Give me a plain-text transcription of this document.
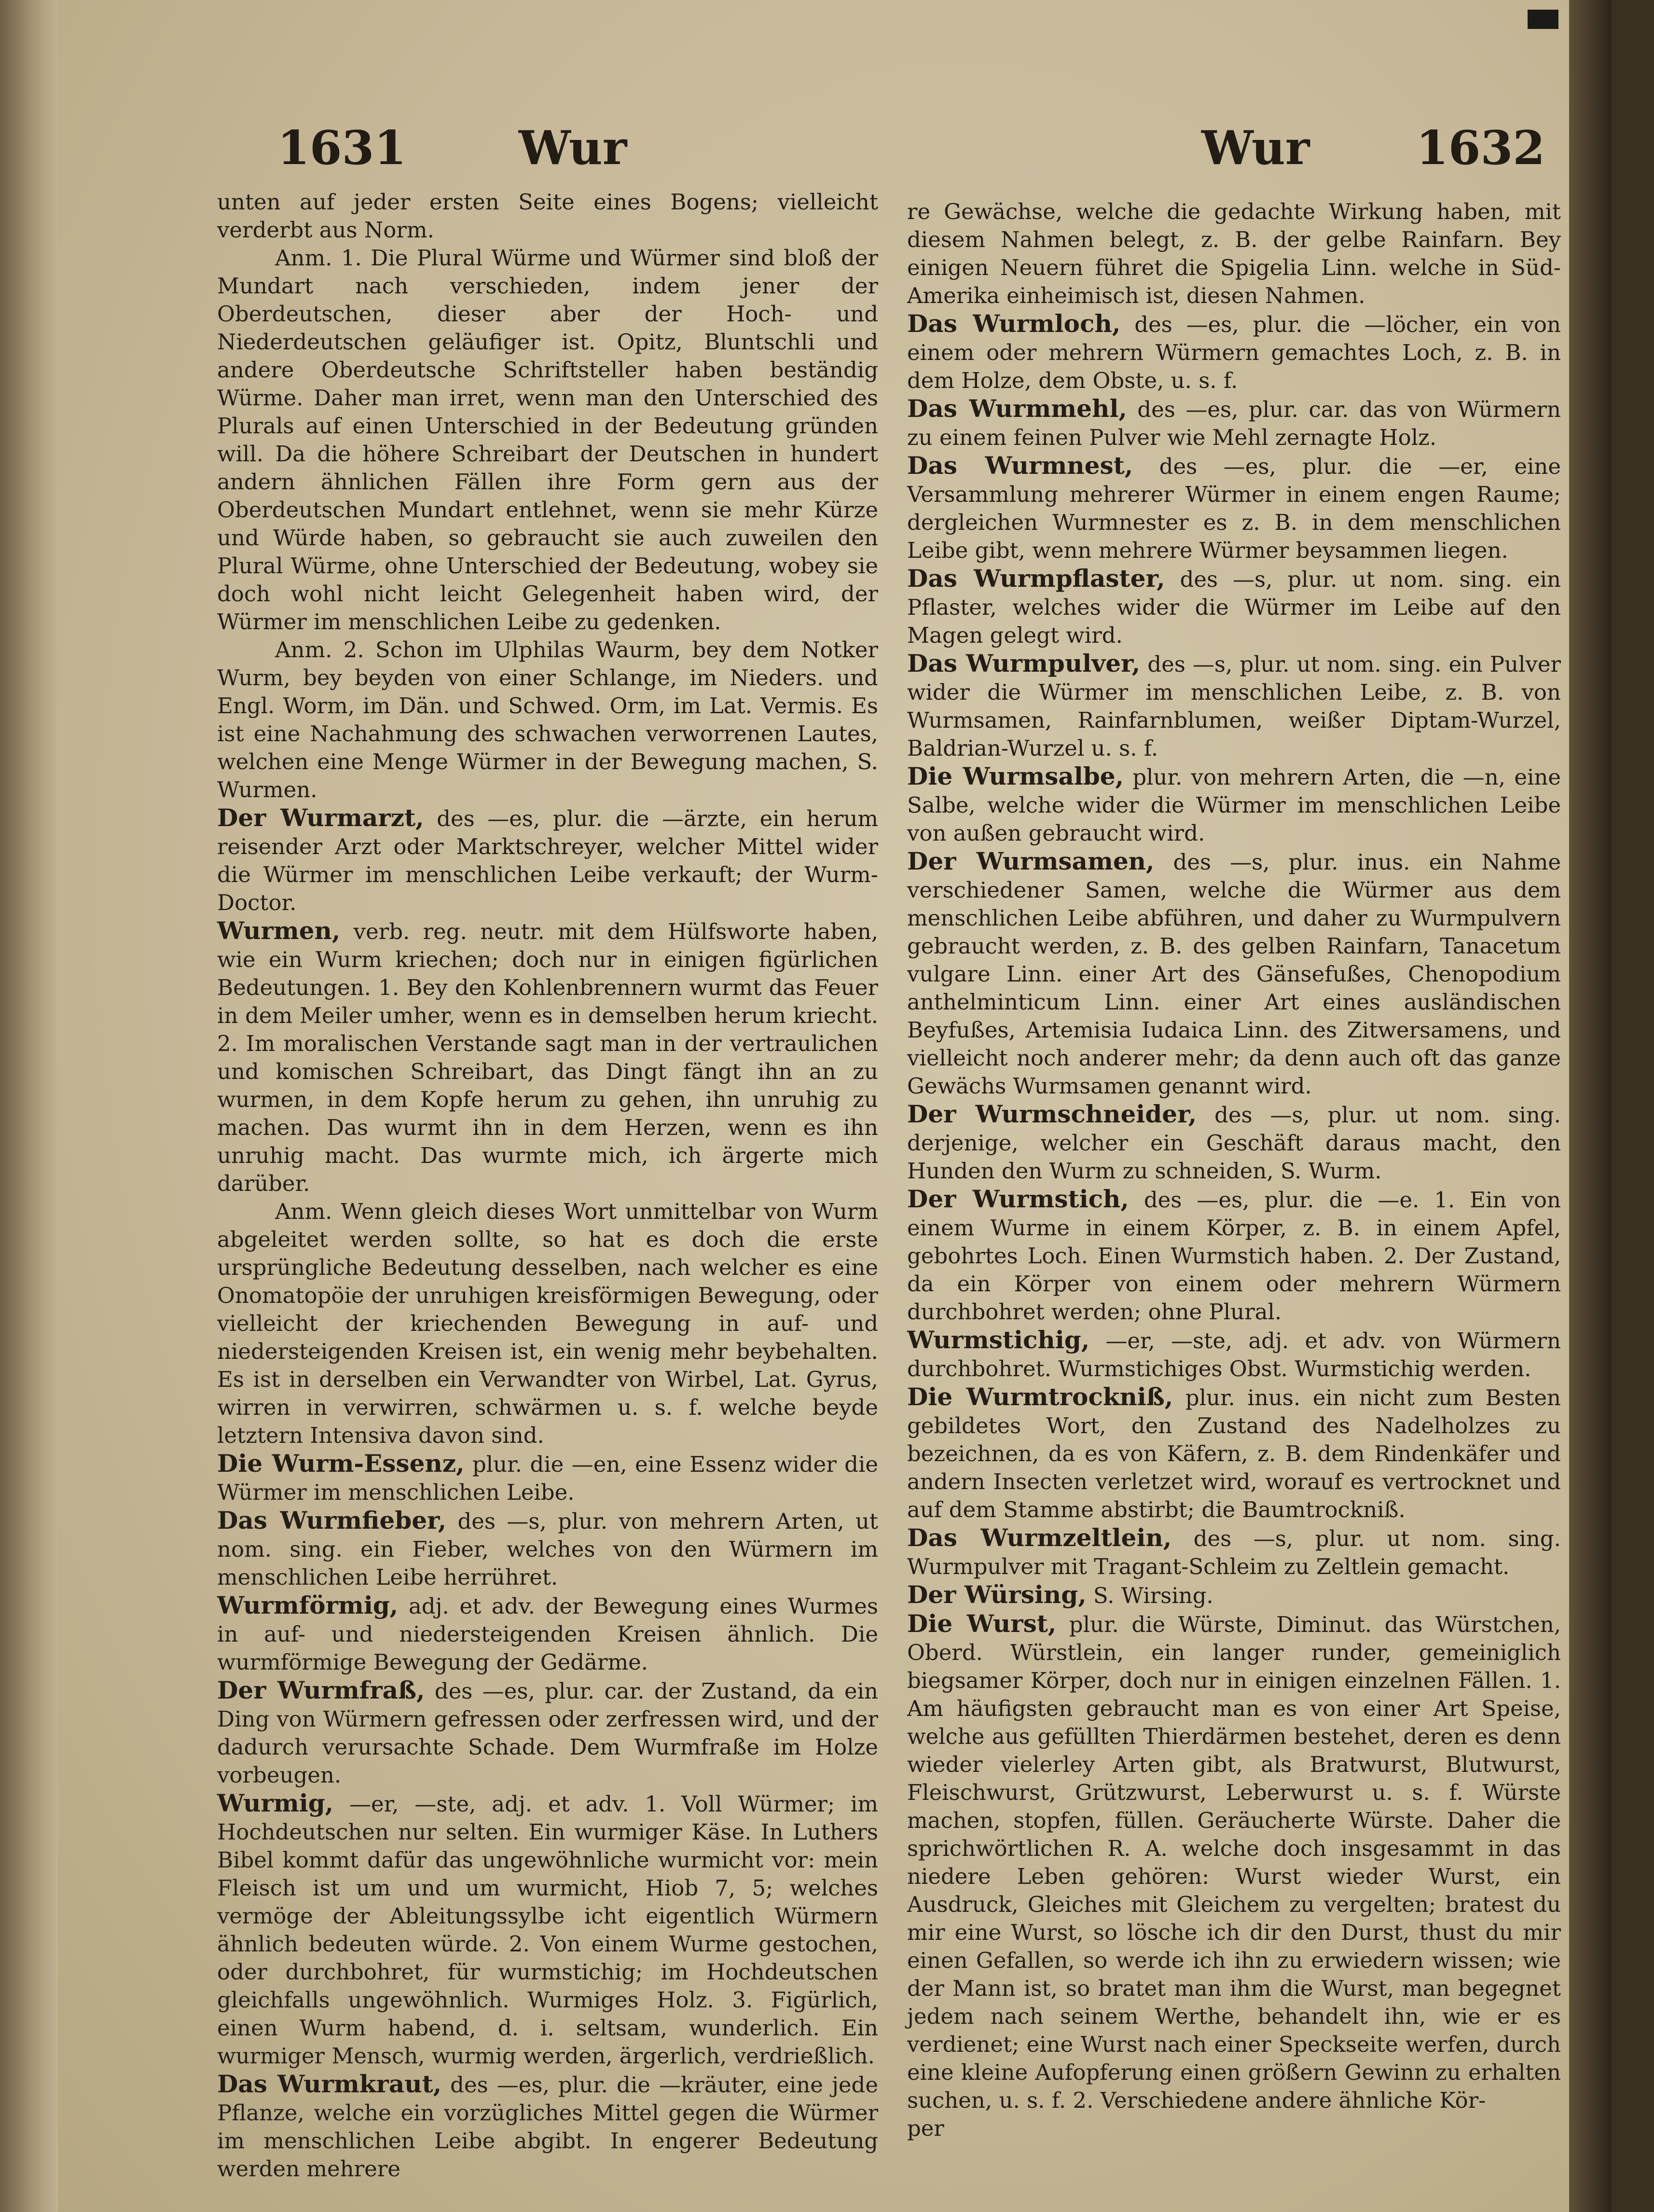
1631 Wur	Wur 1632

unten auf jeder ersten Seite eines Bogens; vielleicht verderbt aus Norm.

Anm. 1. Die Plural Würme und Würmer sind bloß der Mundart nach verschieden, indem jener der Oberdeutschen, dieser aber der Hoch- und Niederdeutschen geläufiger ist. Opitz, Bluntschli und andere Oberdeutsche Schriftsteller haben beständig Würme. Daher man irret, wenn man den Unterschied des Plurals auf einen Unterschied in der Bedeutung gründen will. Da die höhere Schreibart der Deutschen in hundert andern ähnlichen Fällen ihre Form gern aus der Oberdeutschen Mundart entlehnet, wenn sie mehr Kürze und Würde haben, so gebraucht sie auch zuweilen den Plural Würme, ohne Unterschied der Bedeutung, wobey sie doch wohl nicht leicht Gelegenheit haben wird, der Würmer im menschlichen Leibe zu gedenken.

Anm. 2. Schon im Ulphilas Waurm, bey dem Notker Wurm, bey beyden von einer Schlange, im Nieders. und Engl. Worm, im Dän. und Schwed. Orm, im Lat. Vermis. Es ist eine Nachahmung des schwachen verworrenen Lautes, welchen eine Menge Würmer in der Bewegung machen, S. Wurmen.

Der Wurmarzt, des —es, plur. die —ärzte, ein herum reisender Arzt oder Marktschreyer, welcher Mittel wider die Würmer im menschlichen Leibe verkauft; der Wurm-Doctor.

Wurmen, verb. reg. neutr. mit dem Hülfsworte haben, wie ein Wurm kriechen; doch nur in einigen figürlichen Bedeutungen. 1. Bey den Kohlenbrennern wurmt das Feuer in dem Meiler umher, wenn es in demselben herum kriecht. 2. Im moralischen Verstande sagt man in der vertraulichen und komischen Schreibart, das Dingt fängt ihn an zu wurmen, in dem Kopfe herum zu gehen, ihn unruhig zu machen. Das wurmt ihn in dem Herzen, wenn es ihn unruhig macht. Das wurmte mich, ich ärgerte mich darüber.

Anm. Wenn gleich dieses Wort unmittelbar von Wurm abgeleitet werden sollte, so hat es doch die erste ursprüngliche Bedeutung desselben, nach welcher es eine Onomatopöie der unruhigen kreisförmigen Bewegung, oder vielleicht der kriechenden Bewegung in auf- und niedersteigenden Kreisen ist, ein wenig mehr beybehalten. Es ist in derselben ein Verwandter von Wirbel, Lat. Gyrus, wirren in verwirren, schwärmen u. s. f. welche beyde letztern Intensiva davon sind.

Die Wurm-Essenz, plur. die —en, eine Essenz wider die Würmer im menschlichen Leibe.

Das Wurmfieber, des —s, plur. von mehrern Arten, ut nom. sing. ein Fieber, welches von den Würmern im menschlichen Leibe herrühret.

Wurmförmig, adj. et adv. der Bewegung eines Wurmes in auf- und niedersteigenden Kreisen ähnlich. Die wurmförmige Bewegung der Gedärme.

Der Wurmfraß, des —es, plur. car. der Zustand, da ein Ding von Würmern gefressen oder zerfressen wird, und der dadurch verursachte Schade. Dem Wurmfraße im Holze vorbeugen.

Wurmig, —er, —ste, adj. et adv. 1. Voll Würmer; im Hochdeutschen nur selten. Ein wurmiger Käse. In Luthers Bibel kommt dafür das ungewöhnliche wurmicht vor: mein Fleisch ist um und um wurmicht, Hiob 7, 5; welches vermöge der Ableitungssylbe icht eigentlich Würmern ähnlich bedeuten würde. 2. Von einem Wurme gestochen, oder durchbohret, für wurmstichig; im Hochdeutschen gleichfalls ungewöhnlich. Wurmiges Holz. 3. Figürlich, einen Wurm habend, d. i. seltsam, wunderlich. Ein wurmiger Mensch, wurmig werden, ärgerlich, verdrießlich.

Das Wurmkraut, des —es, plur. die —kräuter, eine jede Pflanze, welche ein vorzügliches Mittel gegen die Würmer im menschlichen Leibe abgibt. In engerer Bedeutung werden mehrere

re Gewächse, welche die gedachte Wirkung haben, mit diesem Nahmen belegt, z. B. der gelbe Rainfarn. Bey einigen Neuern führet die Spigelia Linn. welche in Süd-Amerika einheimisch ist, diesen Nahmen.

Das Wurmloch, des —es, plur. die —löcher, ein von einem oder mehrern Würmern gemachtes Loch, z. B. in dem Holze, dem Obste, u. s. f.

Das Wurmmehl, des —es, plur. car. das von Würmern zu einem feinen Pulver wie Mehl zernagte Holz.

Das Wurmnest, des —es, plur. die —er, eine Versammlung mehrerer Würmer in einem engen Raume; dergleichen Wurmnester es z. B. in dem menschlichen Leibe gibt, wenn mehrere Würmer beysammen liegen.

Das Wurmpflaster, des —s, plur. ut nom. sing. ein Pflaster, welches wider die Würmer im Leibe auf den Magen gelegt wird.

Das Wurmpulver, des —s, plur. ut nom. sing. ein Pulver wider die Würmer im menschlichen Leibe, z. B. von Wurmsamen, Rainfarnblumen, weißer Diptam-Wurzel, Baldrian-Wurzel u. s. f.

Die Wurmsalbe, plur. von mehrern Arten, die —n, eine Salbe, welche wider die Würmer im menschlichen Leibe von außen gebraucht wird.

Der Wurmsamen, des —s, plur. inus. ein Nahme verschiedener Samen, welche die Würmer aus dem menschlichen Leibe abführen, und daher zu Wurmpulvern gebraucht werden, z. B. des gelben Rainfarn, Tanacetum vulgare Linn. einer Art des Gänsefußes, Chenopodium anthelminticum Linn. einer Art eines ausländischen Beyfußes, Artemisia Iudaica Linn. des Zitwersamens, und vielleicht noch anderer mehr; da denn auch oft das ganze Gewächs Wurmsamen genannt wird.

Der Wurmschneider, des —s, plur. ut nom. sing. derjenige, welcher ein Geschäft daraus macht, den Hunden den Wurm zu schneiden, S. Wurm.

Der Wurmstich, des —es, plur. die —e. 1. Ein von einem Wurme in einem Körper, z. B. in einem Apfel, gebohrtes Loch. Einen Wurmstich haben. 2. Der Zustand, da ein Körper von einem oder mehrern Würmern durchbohret werden; ohne Plural.

Wurmstichig, —er, —ste, adj. et adv. von Würmern durchbohret. Wurmstichiges Obst. Wurmstichig werden.

Die Wurmtrockniß, plur. inus. ein nicht zum Besten gebildetes Wort, den Zustand des Nadelholzes zu bezeichnen, da es von Käfern, z. B. dem Rindenkäfer und andern Insecten verletzet wird, worauf es vertrocknet und auf dem Stamme abstirbt; die Baumtrockniß.

Das Wurmzeltlein, des —s, plur. ut nom. sing. Wurmpulver mit Tragant-Schleim zu Zeltlein gemacht.

Der Würsing, S. Wirsing.

Die Wurst, plur. die Würste, Diminut. das Würstchen, Oberd. Würstlein, ein langer runder, gemeiniglich biegsamer Körper, doch nur in einigen einzelnen Fällen. 1. Am häufigsten gebraucht man es von einer Art Speise, welche aus gefüllten Thierdärmen bestehet, deren es denn wieder vielerley Arten gibt, als Bratwurst, Blutwurst, Fleischwurst, Grützwurst, Leberwurst u. s. f. Würste machen, stopfen, füllen. Geräucherte Würste. Daher die sprichwörtlichen R. A. welche doch insgesammt in das niedere Leben gehören: Wurst wieder Wurst, ein Ausdruck, Gleiches mit Gleichem zu vergelten; bratest du mir eine Wurst, so lösche ich dir den Durst, thust du mir einen Gefallen, so werde ich ihn zu erwiedern wissen; wie der Mann ist, so bratet man ihm die Wurst, man begegnet jedem nach seinem Werthe, behandelt ihn, wie er es verdienet; eine Wurst nach einer Speckseite werfen, durch eine kleine Aufopferung einen größern Gewinn zu erhalten suchen, u. s. f. 2. Verschiedene andere ähnliche Kör-

per
